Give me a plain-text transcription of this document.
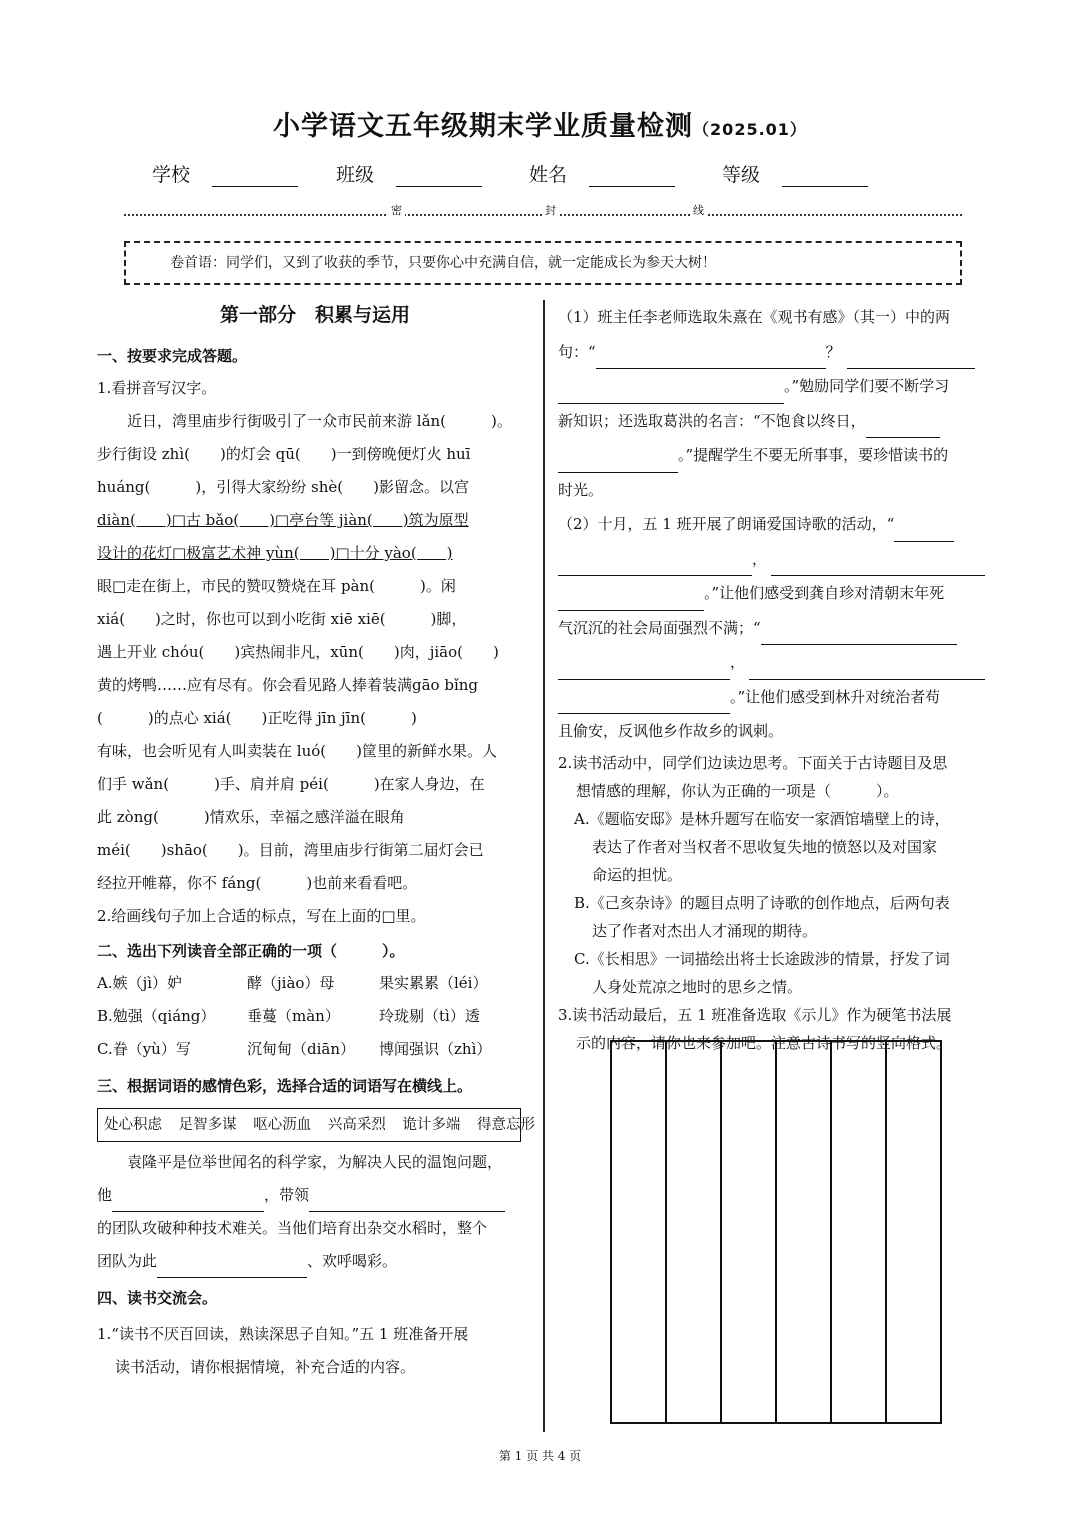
小学语文五年级期末学业质量检测（2025.01）
学校	班级	姓名	等级
密	封	线
卷首语：同学们，又到了收获的季节，只要你心中充满自信，就一定能成长为参天大树！
第一部分　积累与运用
一、按要求完成答题。
1.看拼音写汉字。
近日，湾里庙步行街吸引了一众市民前来游 lǎn(　　　)。
步行街设 zhì(　　)的灯会 qū(　　)一到傍晚便灯火 huī
huáng(　　　)，引得大家纷纷 shè(　　)影留念。以宫
diàn(　　)□古 bǎo(　　)□亭台等 jiàn(　　)筑为原型
设计的花灯□极富艺术神 yùn(　　)□十分 yào(　　)
眼□走在街上，市民的赞叹赞烧在耳 pàn(　　　)。闲
xiá(　　)之时，你也可以到小吃街 xiē xiē(　　　)脚，
遇上开业 chóu(　　)宾热闹非凡，xūn(　　)肉，jiāo(　　)
黄的烤鸭……应有尽有。你会看见路人捧着装满gāo bǐng
(　　　)的点心 xiá(　　)正吃得 jīn jīn(　　　)
有味，也会听见有人叫卖装在 luó(　　)筐里的新鲜水果。人
们手 wǎn(　　　)手、肩并肩 péi(　　　)在家人身边，在
此 zòng(　　　)情欢乐，幸福之感洋溢在眼角
méi(　　)shāo(　　)。目前，湾里庙步行街第二届灯会已
经拉开帷幕，你不 fáng(　　　)也前来看看吧。
2.给画线句子加上合适的标点，写在上面的□里。
二、选出下列读音全部正确的一项（　　　）。
A.嫉（jì）妒	酵（jiào）母	果实累累（léi）
B.勉强（qiáng）	垂蔓（màn）	玲珑剔（tì）透
C.眷（yù）写	沉甸甸（diān）	博闻强识（zhì）
三、根据词语的感情色彩，选择合适的词语写在横线上。
处心积虑 足智多谋 呕心沥血 兴高采烈 诡计多端 得意忘形
袁隆平是位举世闻名的科学家，为解决人民的温饱问题，
他	，带领
的团队攻破种种技术难关。当他们培育出杂交水稻时，整个
团队为此	、欢呼喝彩。
四、读书交流会。
1.“读书不厌百回读，熟读深思子自知。”五 1 班准备开展
读书活动，请你根据情境，补充合适的内容。
（1）班主任李老师选取朱熹在《观书有感》（其一）中的两
句：“	？
。”勉励同学们要不断学习
新知识；还选取葛洪的名言：“不饱食以终日，
。”提醒学生不要无所事事，要珍惜读书的
时光。
（2）十月，五 1 班开展了朗诵爱国诗歌的活动，“
，
。”让他们感受到龚自珍对清朝末年死
气沉沉的社会局面强烈不满；“
，
。”让他们感受到林升对统治者苟
且偷安，反讽他乡作故乡的讽刺。
2.读书活动中，同学们边读边思考。下面关于古诗题目及思
想情感的理解，你认为正确的一项是（　　　）。
A.《题临安邸》是林升题写在临安一家酒馆墙壁上的诗，
表达了作者对当权者不思收复失地的愤怒以及对国家
命运的担忧。
B.《己亥杂诗》的题目点明了诗歌的创作地点，后两句表
达了作者对杰出人才涌现的期待。
C.《长相思》一词描绘出将士长途跋涉的情景，抒发了词
人身处荒凉之地时的思乡之情。
3.读书活动最后，五 1 班准备选取《示儿》作为硬笔书法展
示的内容，请你也来参加吧。注意古诗书写的竖向格式。
第 1 页 共 4 页
